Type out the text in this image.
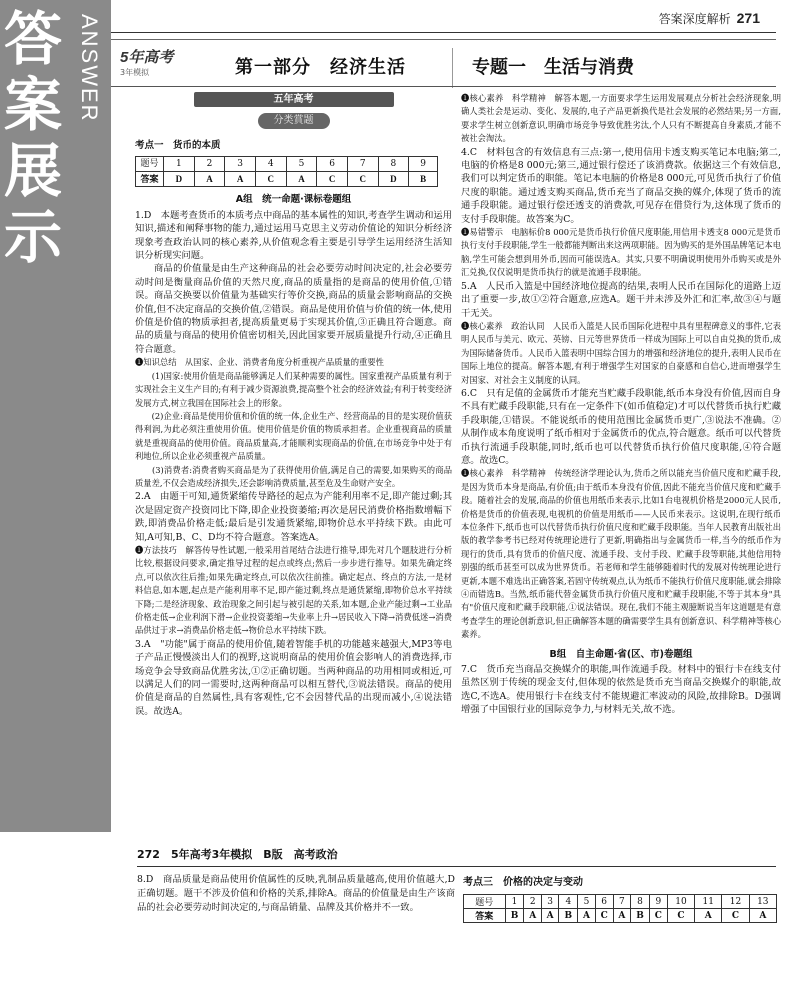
答案展示
ANSWER	答案深度解析 271
5年高考
3年模拟	第一部分　经济生活	专题一　生活与消费
五年高考
分类賞题
考点一　货币的本质
题号	1	2	3	4	5	6	7	8	9
答案	D	A	A	C	A	C	C	D	B
A组　统一命题·课标卷题组

1.D　本题考查货币的本质考点中商品的基本属性的知识,考查学生调动和运用知识,描述和阐释事物的能力,通过运用马克思主义劳动价值论的知识分析经济现象考查政治认同的核心素养,从价值观念看主要是引导学生运用经济生活知识分析现实问题。

　　商品的价值量是由生产这种商品的社会必要劳动时间决定的,社会必要劳动时间是衡量商品价值的天然尺度,商品的质量指的是商品的使用价值,①错误。商品交换要以价值量为基础实行等价交换,商品的质量会影响商品的交换价值,但不决定商品的交换价值,②错误。商品是使用价值与价值的统一体,使用价值是价值的物质承担者,提高质量更易于实现其价值,③正确且符合题意。商品的质量与商品的使用价值密切相关,因此国家要开展质量提升行动,④正确且符合题意。

❶知识总结　从国家、企业、消费者角度分析重视产品质量的重要性

　　(1)国家:使用价值是商品能够满足人们某种需要的属性。国家重视产品质量有利于实现社会主义生产目的;有利于减少资源浪费,提高整个社会的经济效益;有利于转变经济发展方式,树立我国在国际社会上的形象。

　　(2)企业:商品是使用价值和价值的统一体,企业生产、经营商品的目的是实现价值获得利润,为此必须注重使用价值。使用价值是价值的物质承担者。企业重视商品的质量就是重视商品的使用价值。商品质量高,才能顺利实现商品的价值,在市场竞争中处于有利地位,所以企业必须重视产品质量。

　　(3)消费者:消费者购买商品是为了获得使用价值,满足自己的需要,如果购买的商品质量差,不仅会造成经济损失,还会影响消费质量,甚至危及生命财产安全。

2.A　由题干可知,通货紧缩传导路径的起点为产能利用率不足,即产能过剩;其次是固定资产投资同比下降,即企业投资萎缩;再次是居民消费价格指数增幅下跌,即消费品价格走低;最后是引发通货紧缩,即物价总水平持续下跌。由此可知,A可知,B、C、D均不符合题意。答案选A。

❶方法技巧　解答传导性试题,一般采用首尾结合法进行推导,即先对几个题肢进行分析比较,根据设问要求,确定推导过程的起点或终点;然后一步步进行推导。如果先确定终点,可以依次往后推;如果先确定终点,可以依次往前推。确定起点、终点的方法,一是材料信息,如本题,起点是产能利用率不足,即产能过剩,终点是通货紧缩,即物价总水平持续下降;二是经济现象、政治现象之间引起与被引起的关系,如本题,企业产能过剩→工业品价格走低→企业利润下滑→企业投资萎缩→失业率上升→居民收入下降→消费低迷→消费品供过于求→消费品价格走低→物价总水平持续下跌。

3.A　"功能"属于商品的使用价值,随着智能手机的功能越来越强大,MP3等电子产品正慢慢淡出人们的视野,这说明商品的使用价值会影响人的消费选择,市场竞争会导致商品优胜劣汰,①②正确切题。当两种商品的功用相同或相近,可以满足人们的同一需要时,这两种商品可以相互替代,③说法错误。商品的使用价值是商品的自然属性,具有客观性,它不会因替代品的出现而减小,④说法错误。故选A。

❶核心素养　科学精神　解答本题,一方面要求学生运用发展观点分析社会经济现象,明确人类社会是运动、变化、发展的,电子产品更新换代是社会发展的必然结果;另一方面,要求学生树立创新意识,明确市场竞争导致优胜劣汰,个人只有不断提高自身素质,才能不被社会淘汰。

4.C　材料包含的有效信息有三点:第一,使用信用卡透支购买笔记本电脑;第二,电脑的价格是8 000元;第三,通过银行偿还了该消费款。依据这三个有效信息,我们可以判定货币的职能。笔记本电脑的价格是8 000元,可见货币执行了价值尺度的职能。通过透支购买商品,货币充当了商品交换的媒介,体现了货币的流通手段职能。通过银行偿还透支的消费款,可见存在借贷行为,这体现了货币的支付手段职能。故答案为C。

❶易错警示　电脑标价8 000元是货币执行价值尺度职能,用信用卡透支8 000元是货币执行支付手段职能,学生一般都能判断出来这两项职能。因为购买的是外国品牌笔记本电脑,学生可能会想到用外币,因而可能误选A。其实,只要不明确说明使用外币购买或是外汇兑换,仅仅说明是货币执行的就是流通手段职能。

5.A　人民币入篮是中国经济地位提高的结果,表明人民币在国际化的道路上迈出了重要一步,故①②符合题意,应选A。题干并未涉及外汇和汇率,故③④与题干无关。

❶核心素养　政治认同　人民币入篮是人民币国际化进程中具有里程碑意义的事件,它表明人民币与美元、欧元、英镑、日元等世界货币一样成为国际上可以自由兑换的货币,成为国际储备货币。人民币入篮表明中国综合国力的增强和经济地位的提升,表明人民币在国际上地位的提高。解答本题,有利于增强学生对国家的自豪感和自信心,进而增强学生对国家、对社会主义制度的认同。

6.C　只有足值的金属货币才能充当贮藏手段职能,纸币本身没有价值,因而自身不具有贮藏手段职能,只有在一定条件下(如币值稳定)才可以代替货币执行贮藏手段职能,①错误。不能说纸币的使用范围比金属货币更广,③说法不准确。②从制作成本角度说明了纸币相对于金属货币的优点,符合题意。纸币可以代替货币执行流通手段职能,同时,纸币也可以代替货币执行价值尺度职能,④符合题意。故选C。

❶核心素养　科学精神　传统经济学理论认为,货币之所以能充当价值尺度和贮藏手段,是因为货币本身是商品,有价值;由于纸币本身没有价值,因此不能充当价值尺度和贮藏手段。随着社会的发展,商品的价值也用纸币来表示,比如1台电视机价格是2000元人民币,价格是货币的价值表现,电视机的价值是用纸币——人民币来表示。这说明,在现行纸币本位条件下,纸币也可以代替货币执行价值尺度和贮藏手段职能。当年人民教育出版社出版的教学参考书已经对传统理论进行了更新,明确指出与金属货币一样,当今的纸币作为现行的货币,具有货币的价值尺度、流通手段、支付手段、贮藏手段等职能,其他信用特别强的纸币甚至可以成为世界货币。若老师和学生能够随着时代的发展对传统理论进行更新,本题不难选出正确答案,若固守传统观点,认为纸币不能执行价值尺度职能,就会排除④而错选B。当然,纸币能代替金属货币执行价值尺度和贮藏手段职能,不等于其本身"具有"价值尺度和贮藏手段职能,①说法错误。现在,我们不能主观臆断说当年这道题是有意考查学生的理论创新意识,但正确解答本题的确需要学生具有创新意识、科学精神等核心素养。

B组　自主命题·省(区、市)卷题组

7.C　货币充当商品交换媒介的职能,叫作流通手段。材料中的银行卡在线支付虽然区别于传统的现金支付,但体现的依然是货币充当商品交换媒介的职能,故选C,不选A。使用银行卡在线支付不能规避汇率波动的风险,故排除B。D强调增强了中国银行业的国际竞争力,与材料无关,故不选。

272　5年高考3年模拟　B版　高考政治

8.D　商品质量是商品使用价值属性的反映,乳制品质量越高,使用价值越大,D正确切题。题干不涉及价值和价格的关系,排除A。商品的价值量是由生产该商品的社会必要劳动时间决定的,与商品销量、品牌及其价格并不一致。

考点三　价格的决定与变动
题号	1	2	3	4	5	6	7	8	9	10	11	12	13
答案	B	A	A	B	A	C	A	B	C	C	A	C	A
